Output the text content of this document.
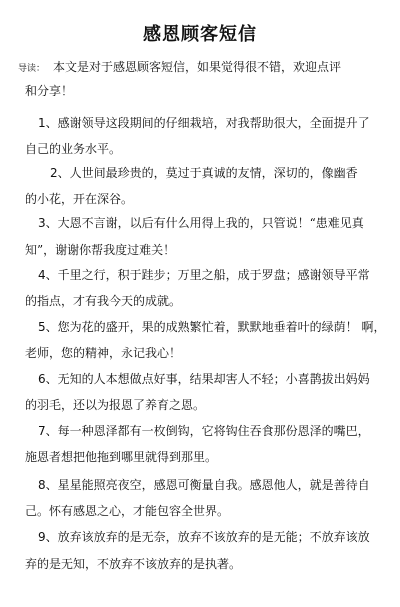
感恩顾客短信
导读： 本文是对于感恩顾客短信，如果觉得很不错，欢迎点评
和分享！
1、感谢领导这段期间的仔细栽培，对我帮助很大，全面提升了
自己的业务水平。
2、人世间最珍贵的，莫过于真诚的友情，深切的，像幽香
的小花，开在深谷。
3、大恩不言谢，以后有什么用得上我的，只管说！“患难见真
知”，谢谢你帮我度过难关！
4、千里之行，积于跬步；万里之船，成于罗盘；感谢领导平常
的指点，才有我今天的成就。
5、您为花的盛开，果的成熟繁忙着，默默地垂着叶的绿荫！ 啊，
老师，您的精神，永记我心！
6、无知的人本想做点好事，结果却害人不轻；小喜鹊拔出妈妈
的羽毛，还以为报恩了养育之恩。
7、每一种恩泽都有一枚倒钩，它将钩住吞食那份恩泽的嘴巴，
施恩者想把他拖到哪里就得到那里。
8、星星能照亮夜空，感恩可衡量自我。感恩他人，就是善待自
己。怀有感恩之心，才能包容全世界。
9、放弃该放弃的是无奈，放弃不该放弃的是无能；不放弃该放
弃的是无知，不放弃不该放弃的是执著。
